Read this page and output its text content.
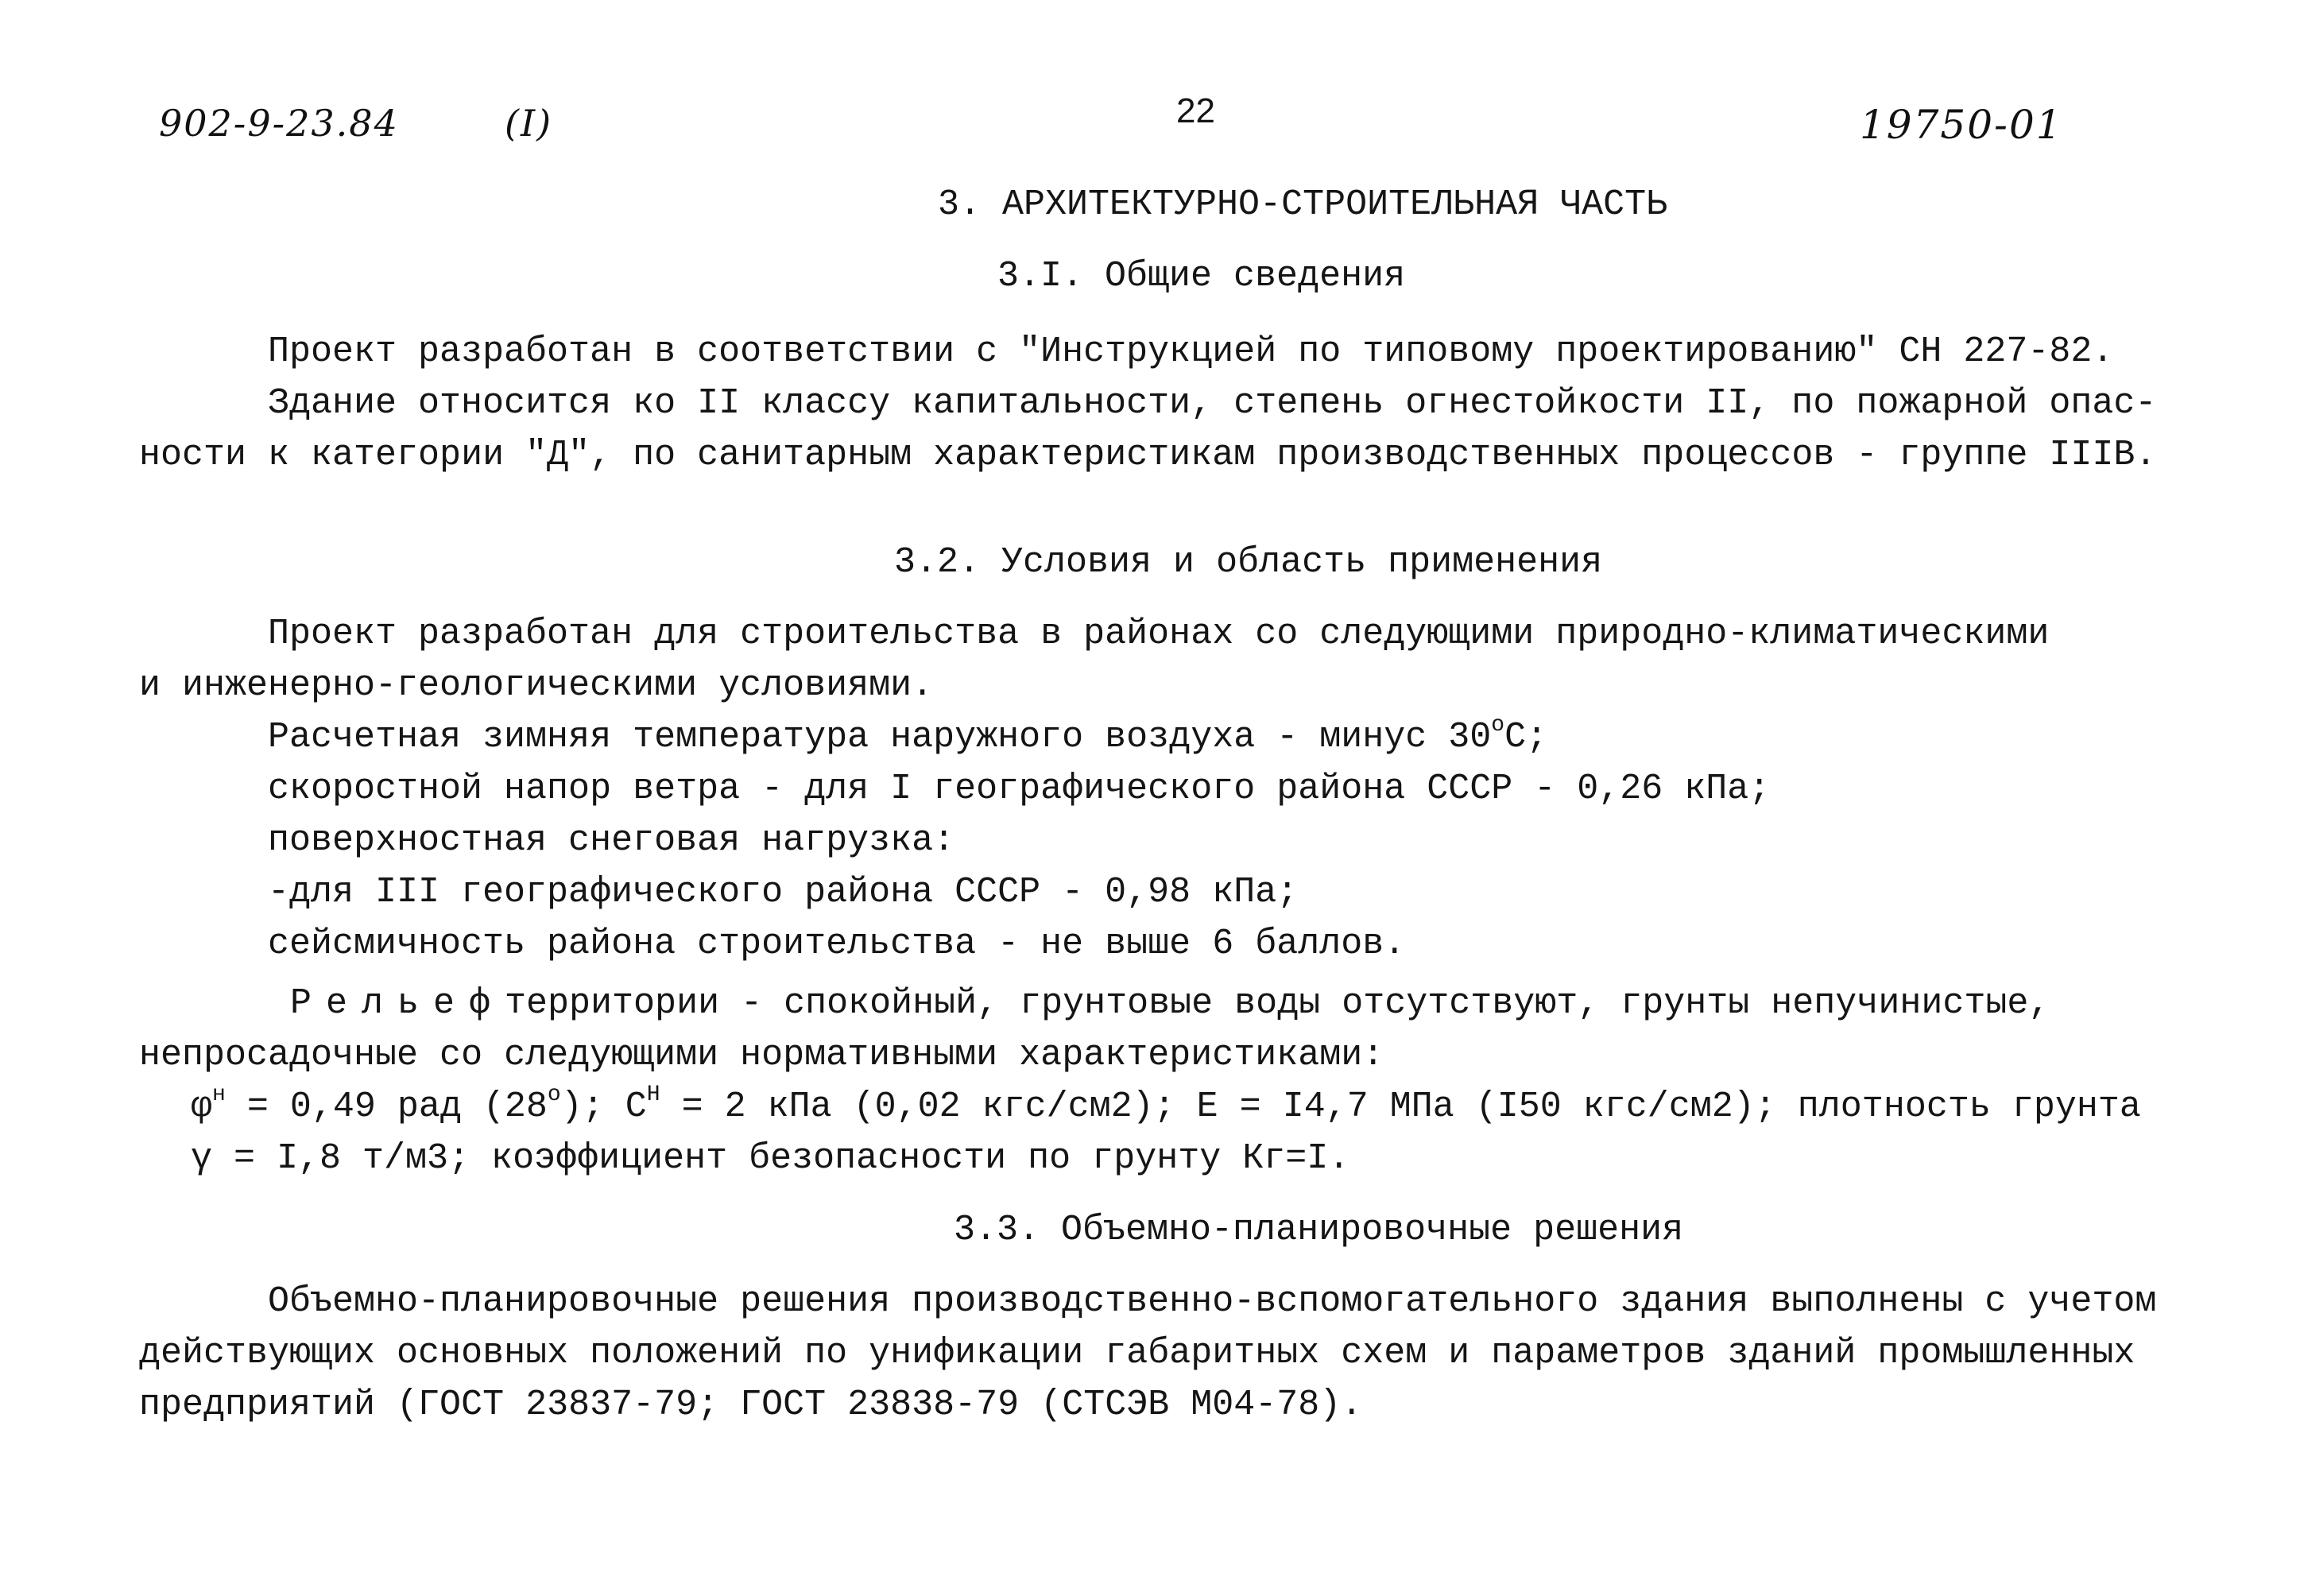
902-9-23.84	(I)	22	19750-01
3. АРХИТЕКТУРНО-СТРОИТЕЛЬНАЯ ЧАСТЬ
3.I. Общие сведения
Проект разработан в соответствии с "Инструкцией по типовому проектированию" СН 227-82.
Здание относится ко II классу капитальности, степень огнестойкости II, по пожарной опас-
ности к категории "Д", по санитарным характеристикам производственных процессов - группе IIIВ.
3.2. Условия и область применения
Проект разработан для строительства в районах со следующими природно-климатическими
и инженерно-геологическими условиями.
Расчетная зимняя температура наружного воздуха - минус $30^оС$;
скоростной напор ветра - для I географического района СССР - 0,26 кПа;
поверхностная снеговая нагрузка:
-для III географического района СССР - 0,98 кПа;
сейсмичность района строительства - не выше 6 баллов.
Рельефтерритории - спокойный, грунтовые воды отсутствуют, грунты непучинистые,
непросадочные со следующими нормативными характеристиками:
$\varphi^н = 0,49$ рад $(28^о)$; $С^Н = 2$ кПа (0,02 кгс/см2); Е = I4,7 МПа (I50 кгс/см2); плотность грунта
γ = I,8 т/м3; коэффициент безопасности по грунту Кг=I.
3.3. Объемно-планировочные решения
Объемно-планировочные решения производственно-вспомогательного здания выполнены с учетом
действующих основных положений по унификации габаритных схем и параметров зданий промышленных
предприятий (ГОСТ 23837-79; ГОСТ 23838-79 (СТСЭВ М04-78).
